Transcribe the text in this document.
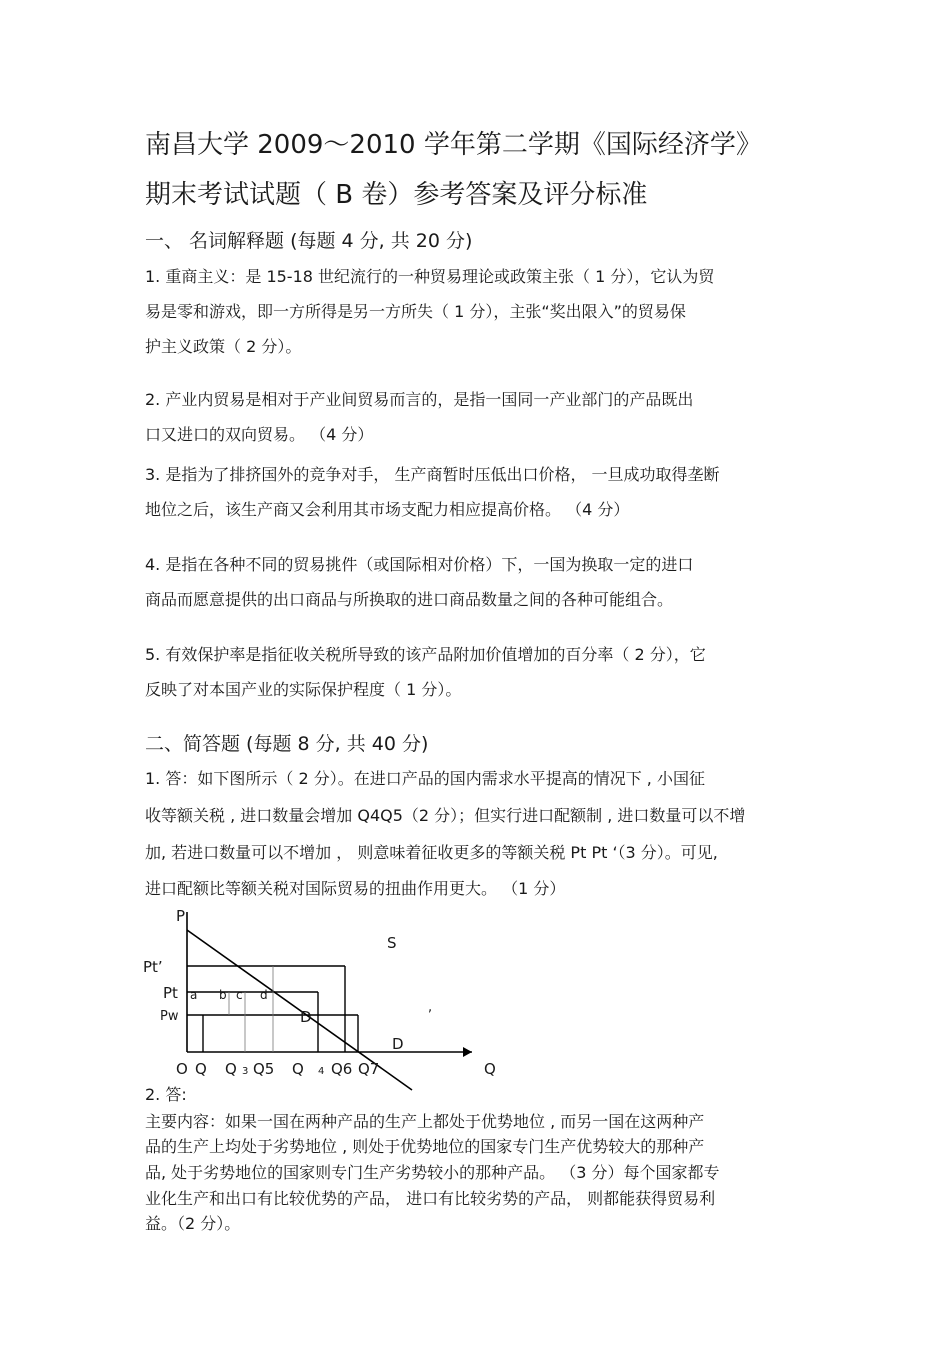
南昌大学 2009～2010 学年第二学期《国际经济学》
期末考试试题（ B 卷）参考答案及评分标准
一、 名词解释题 (每题 4 分, 共 20 分)
1. 重商主义：是 15-18 世纪流行的一种贸易理论或政策主张（ 1 分），它认为贸
易是零和游戏，即一方所得是另一方所失（ 1 分），主张“奖出限入”的贸易保
护主义政策（ 2 分）。
2. 产业内贸易是相对于产业间贸易而言的，是指一国同一产业部门的产品既出
口又进口的双向贸易。 （4 分）
3. 是指为了排挤国外的竞争对手， 生产商暂时压低出口价格， 一旦成功取得垄断
地位之后，该生产商又会利用其市场支配力相应提高价格。 （4 分）
4. 是指在各种不同的贸易挑件（或国际相对价格）下，一国为换取一定的进口
商品而愿意提供的出口商品与所换取的进口商品数量之间的各种可能组合。
5. 有效保护率是指征收关税所导致的该产品附加价值增加的百分率（ 2 分），它
反映了对本国产业的实际保护程度（ 1 分）。
二、简答题 (每题 8 分, 共 40 分)
1. 答：如下图所示（ 2 分）。在进口产品的国内需求水平提高的情况下 , 小国征
收等额关税 , 进口数量会增加 Q4Q5（2 分）；但实行进口配额制 , 进口数量可以不增
加, 若进口数量可以不增加 ， 则意味着征收更多的等额关税 Pt Pt ‘（3 分）。可见,
进口配额比等额关税对国际贸易的扭曲作用更大。 （1 分）
P
S
Pt’
Pt
Pw
a b c d
D
,
D
O Q Q 3 Q5 Q 4 Q6 Q7	Q
2. 答:
主要内容：如果一国在两种产品的生产上都处于优势地位 , 而另一国在这两种产
品的生产上均处于劣势地位 , 则处于优势地位的国家专门生产优势较大的那种产
品, 处于劣势地位的国家则专门生产劣势较小的那种产品。 （3 分）每个国家都专
业化生产和出口有比较优势的产品， 进口有比较劣势的产品， 则都能获得贸易利
益。（2 分）。
